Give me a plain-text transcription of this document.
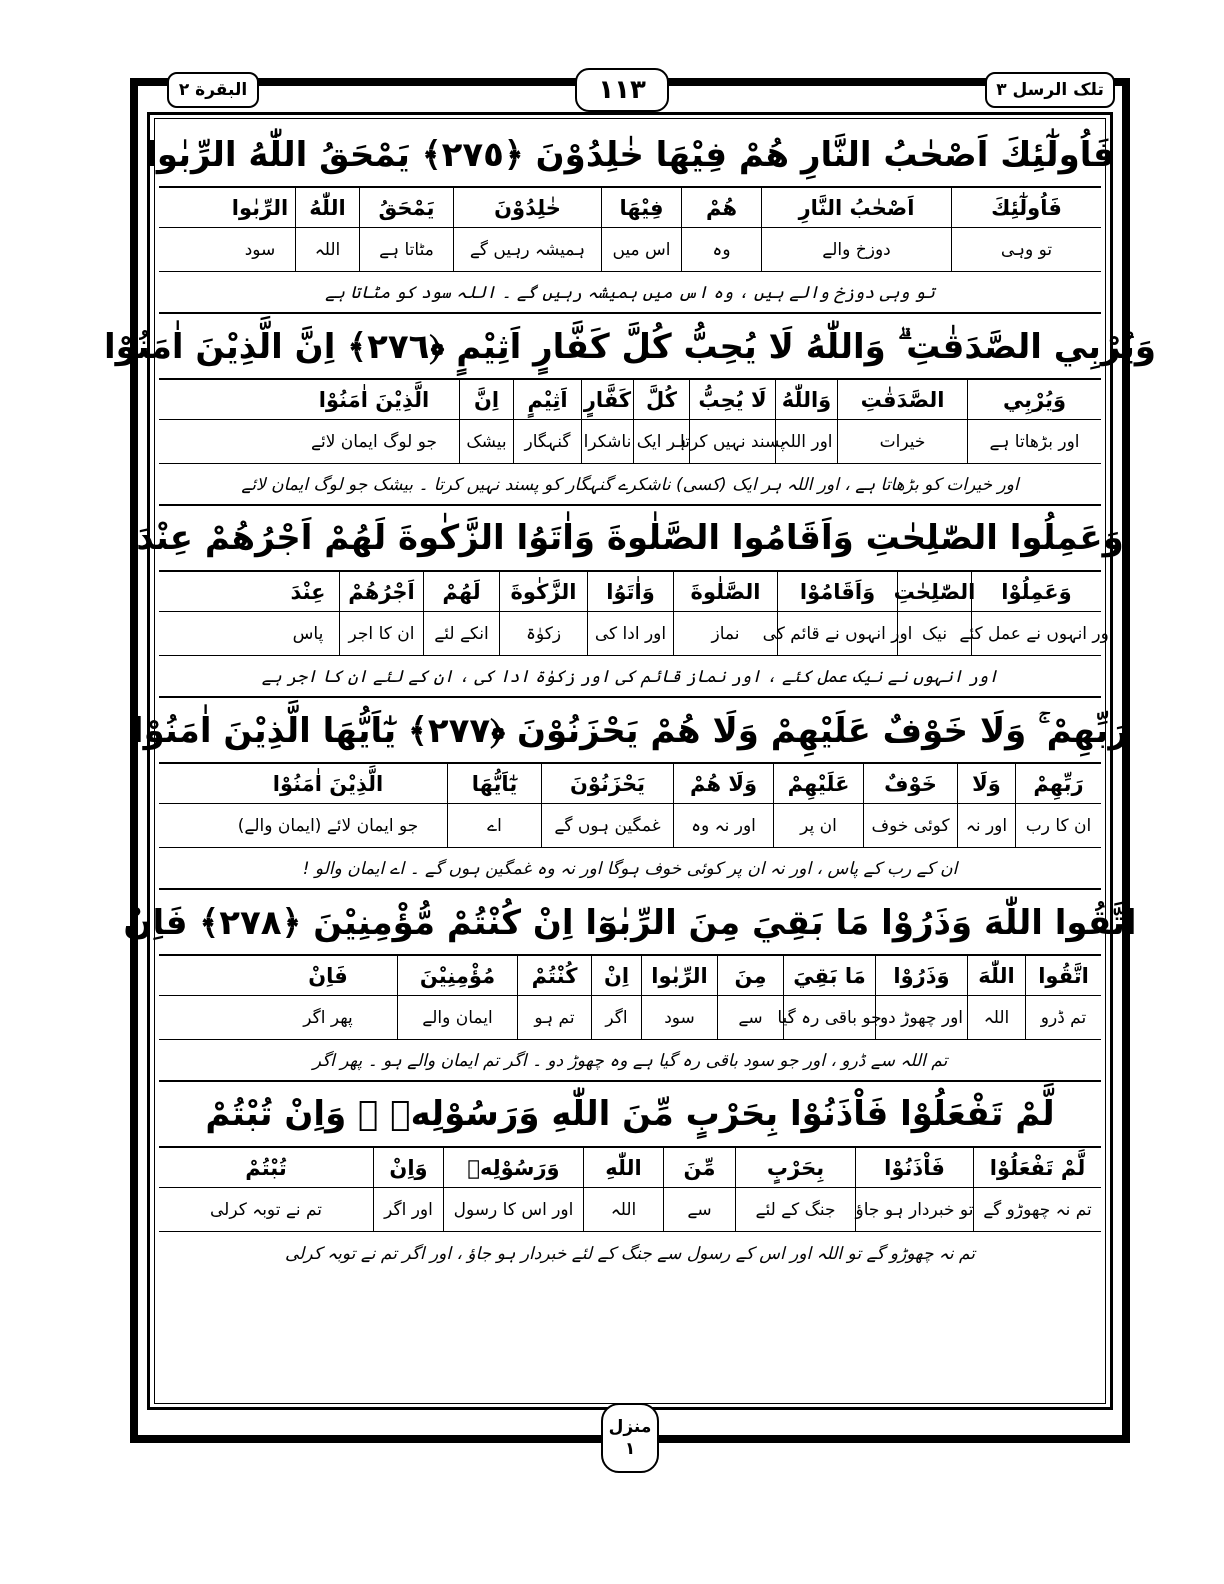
البقرة ٢	١١٣	تلک الرسل ٣
فَاُولٰٓئِكَ اَصْحٰبُ النَّارِ هُمْ فِيْهَا خٰلِدُوْنَ ﴿٢٧٥﴾ يَمْحَقُ اللّٰهُ الرِّبٰوا
فَاُولٰٓئِكَ
اَصْحٰبُ النَّارِ
هُمْ
فِيْهَا
خٰلِدُوْنَ
يَمْحَقُ
اللّٰهُ
الرِّبٰوا
تو وہی
دوزخ والے
وہ
اس میں
ہمیشہ رہیں گے
مٹاتا ہے
اللہ
سود
تو وہی دوزخ والے ہیں ، وہ اس میں ہمیشہ رہیں گے ۔ اللہ سود کو مٹاتا ہے
وَيُرْبِي الصَّدَقٰتِ ۗ وَاللّٰهُ لَا يُحِبُّ كُلَّ كَفَّارٍ اَثِيْمٍ ﴿٢٧٦﴾ اِنَّ الَّذِيْنَ اٰمَنُوْا
وَيُرْبِي
الصَّدَقٰتِ
وَاللّٰهُ
لَا يُحِبُّ
كُلَّ
كَفَّارٍ
اَثِيْمٍ
اِنَّ
الَّذِيْنَ اٰمَنُوْا
اور بڑھاتا ہے
خیرات
اور اللہ
پسند نہیں کرتا
ہر ایک
ناشکرا
گنہگار
بیشک
جو لوگ ایمان لائے
اور خیرات کو بڑھاتا ہے ، اور اللہ ہر ایک (کسی) ناشکرے گنہگار کو پسند نہیں کرتا ۔ بیشک جو لوگ ایمان لائے
وَعَمِلُوا الصّٰلِحٰتِ وَاَقَامُوا الصَّلٰوةَ وَاٰتَوُا الزَّكٰوةَ لَهُمْ اَجْرُهُمْ عِنْدَ
وَعَمِلُوْا
الصّٰلِحٰتِ
وَاَقَامُوْا
الصَّلٰوةَ
وَاٰتَوُا
الزَّكٰوةَ
لَهُمْ
اَجْرُهُمْ
عِنْدَ
اور انہوں نے عمل کئے
نیک
اور انہوں نے قائم کی
نماز
اور ادا کی
زکوٰۃ
انکے لئے
ان کا اجر
پاس
اور انہوں نے نیک عمل کئے ، اور نماز قائم کی اور زکوٰۃ ادا کی ، ان کے لئے ان کا اجر ہے
رَبِّهِمْ ۚ وَلَا خَوْفٌ عَلَيْهِمْ وَلَا هُمْ يَحْزَنُوْنَ ﴿٢٧٧﴾ يٰٓاَيُّهَا الَّذِيْنَ اٰمَنُوْا
رَبِّهِمْ
وَلَا
خَوْفٌ
عَلَيْهِمْ
وَلَا هُمْ
يَحْزَنُوْنَ
يٰٓاَيُّهَا
الَّذِيْنَ اٰمَنُوْا
ان کا رب
اور نہ
کوئی خوف
ان پر
اور نہ وہ
غمگین ہوں گے
اے
جو ایمان لائے (ایمان والے)
ان کے رب کے پاس ، اور نہ ان پر کوئی خوف ہوگا اور نہ وہ غمگین ہوں گے ۔ اے ایمان والو !
اتَّقُوا اللّٰهَ وَذَرُوْا مَا بَقِيَ مِنَ الرِّبٰوٓا اِنْ كُنْتُمْ مُّؤْمِنِيْنَ ﴿٢٧٨﴾ فَاِنْ
اتَّقُوا
اللّٰهَ
وَذَرُوْا
مَا بَقِيَ
مِنَ
الرِّبٰوا
اِنْ
كُنْتُمْ
مُؤْمِنِيْنَ
فَاِنْ
تم ڈرو
اللہ
اور چھوڑ دو
جو باقی رہ گیا
سے
سود
اگر
تم ہو
ایمان والے
پھر اگر
تم اللہ سے ڈرو ، اور جو سود باقی رہ گیا ہے وہ چھوڑ دو ۔ اگر تم ایمان والے ہو ۔ پھر اگر
لَّمْ تَفْعَلُوْا فَاْذَنُوْا بِحَرْبٍ مِّنَ اللّٰهِ وَرَسُوْلِهٖ ۚ وَاِنْ تُبْتُمْ
لَّمْ تَفْعَلُوْا
فَاْذَنُوْا
بِحَرْبٍ
مِّنَ
اللّٰهِ
وَرَسُوْلِهٖ
وَاِنْ
تُبْتُمْ
تم نہ چھوڑو گے
تو خبردار ہو جاؤ
جنگ کے لئے
سے
اللہ
اور اس کا رسول
اور اگر
تم نے توبہ کرلی
تم نہ چھوڑو گے تو اللہ اور اس کے رسول سے جنگ کے لئے خبردار ہو جاؤ ، اور اگر تم نے توبہ کرلی
منزل
١
